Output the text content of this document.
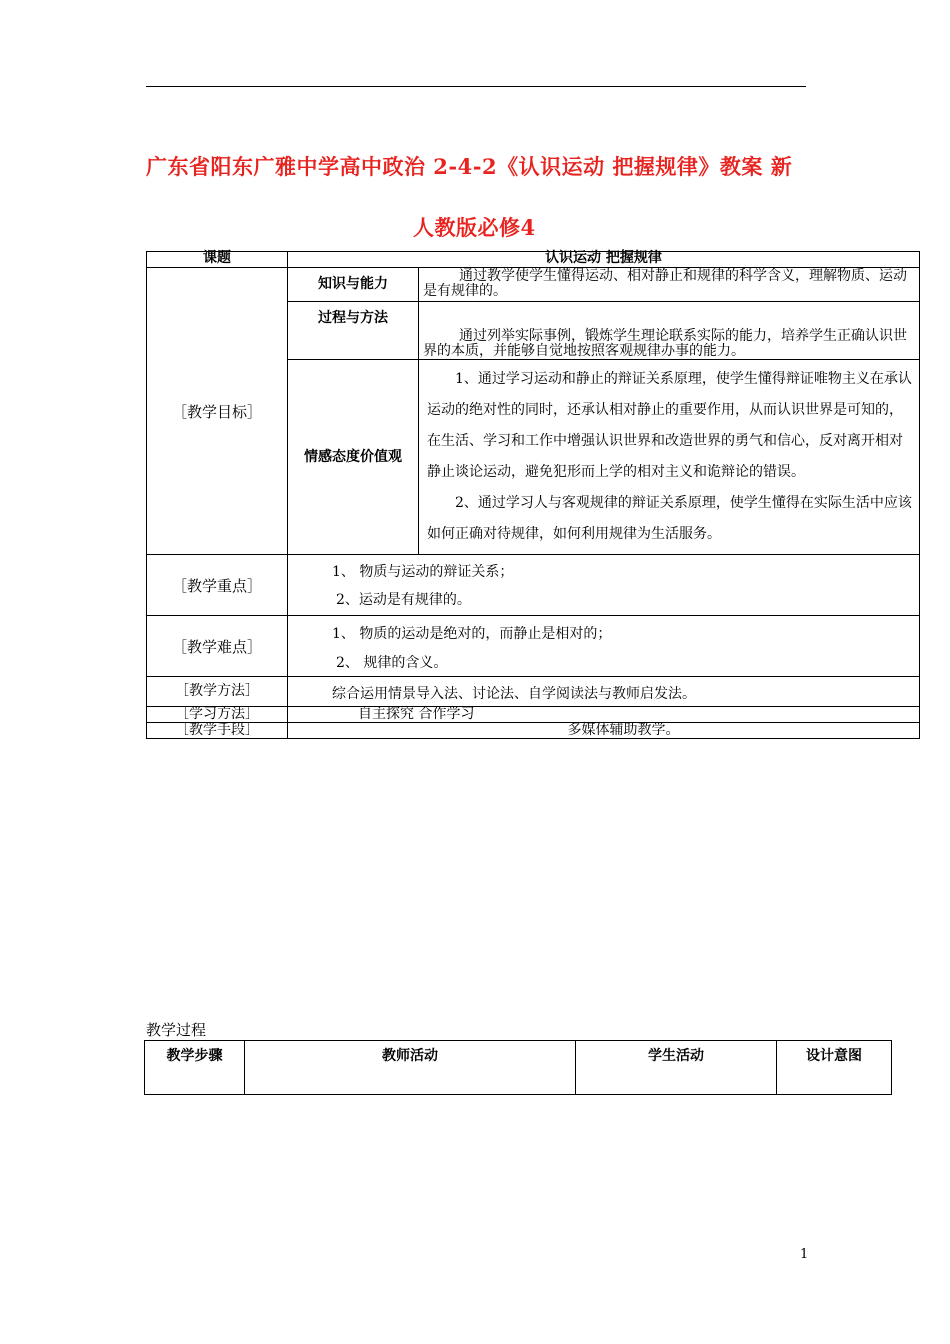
广东省阳东广雅中学高中政治 2-4-2《认识运动 把握规律》教案 新
人教版必修4
课题	认识运动 把握规律	
［教学目标］	知识与能力	通过教学使学生懂得运动、相对静止和规律的科学含义，理解物质、运动是有规律的。

	过程与方法	通过列举实际事例，锻炼学生理论联系实际的能力，培养学生正确认识世界的本质，并能够自觉地按照客观规律办事的能力。

	情感态度价值观	1、通过学习运动和静止的辩证关系原理，使学生懂得辩证唯物主义在承认运动的绝对性的同时，还承认相对静止的重要作用，从而认识世界是可知的，在生活、学习和工作中增强认识世界和改造世界的勇气和信心，反对离开相对静止谈论运动，避免犯形而上学的相对主义和诡辩论的错误。

2、通过学习人与客观规律的辩证关系原理，使学生懂得在实际生活中应该如何正确对待规律，如何利用规律为生活服务。

［教学重点］	1、 物质与运动的辩证关系；
2、运动是有规律的。	

［教学难点］	1、 物质的运动是绝对的，而静止是相对的；
2、 规律的含义。	

［教学方法］	综合运用情景导入法、讨论法、自学阅读法与教师启发法。	
［学习方法］	自主探究 合作学习	
［教学手段］	多媒体辅助教学。	
教学过程
教学步骤	教师活动	学生活动	设计意图
1
